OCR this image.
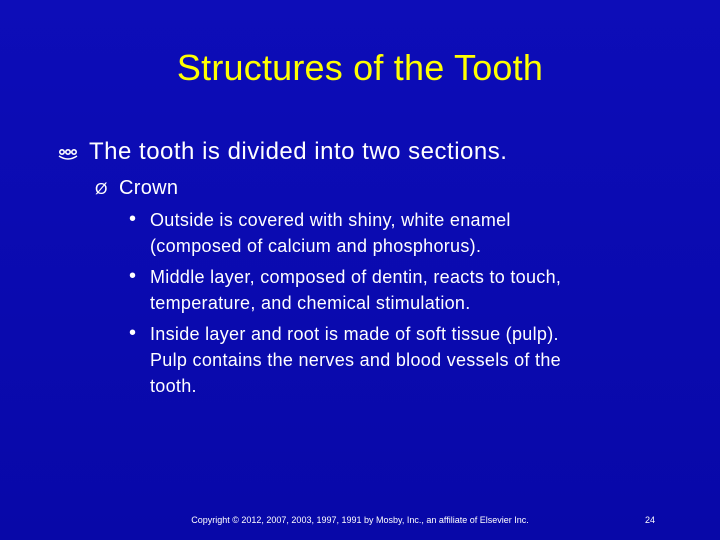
Structures of the Tooth
The tooth is divided into two sections.
Ø Crown
• Outside is covered with shiny, white enamel
(composed of calcium and phosphorus).
• Middle layer, composed of dentin, reacts to touch,
temperature, and chemical stimulation.
• Inside layer and root is made of soft tissue (pulp).
Pulp contains the nerves and blood vessels of the
tooth.
Copyright © 2012, 2007, 2003, 1997, 1991 by Mosby, Inc., an affiliate of Elsevier Inc.	24
